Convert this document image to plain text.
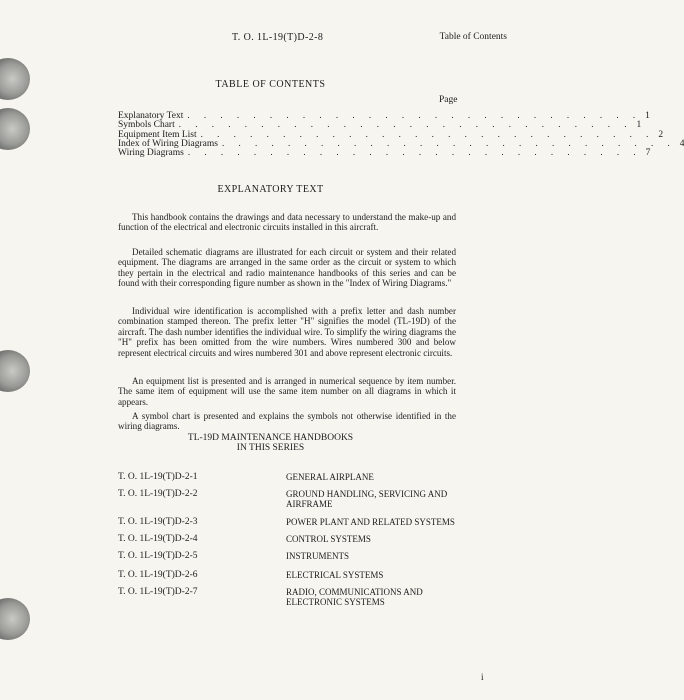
T. O. 1L-19(T)D-2-8	Table of Contents
TABLE OF CONTENTS
Page
Explanatory Text . . . . . . . . . . . . . . . . . . . . . . . . . . . . 1
Symbols Chart . . . . . . . . . . . . . . . . . . . . . . . . . . . . 1
Equipment Item List . . . . . . . . . . . . . . . . . . . . . . . . . . . . 2
Index of Wiring Diagrams . . . . . . . . . . . . . . . . . . . . . . . . . . . . 4
Wiring Diagrams . . . . . . . . . . . . . . . . . . . . . . . . . . . . 7
EXPLANATORY TEXT
This handbook contains the drawings and data necessary to understand the make-up and function of the electrical and electronic circuits installed in this aircraft.
Detailed schematic diagrams are illustrated for each circuit or system and their related equipment. The diagrams are arranged in the same order as the circuit or system to which they pertain in the electrical and radio maintenance handbooks of this series and can be found with their corresponding figure number as shown in the "Index of Wiring Diagrams."
Individual wire identification is accomplished with a prefix letter and dash number combination stamped thereon. The prefix letter "H" signifies the model (TL-19D) of the aircraft. The dash number identifies the individual wire. To simplify the wiring diagrams the "H" prefix has been omitted from the wire numbers. Wires numbered 300 and below represent electrical circuits and wires numbered 301 and above represent electronic circuits.
An equipment list is presented and is arranged in numerical sequence by item number. The same item of equipment will use the same item number on all diagrams in which it appears.
A symbol chart is presented and explains the symbols not otherwise identified in the wiring diagrams.
TL-19D MAINTENANCE HANDBOOKS
IN THIS SERIES
T. O. 1L-19(T)D-2-1	GENERAL AIRPLANE
T. O. 1L-19(T)D-2-2	GROUND HANDLING, SERVICING AND AIRFRAME
T. O. 1L-19(T)D-2-3	POWER PLANT AND RELATED SYSTEMS
T. O. 1L-19(T)D-2-4	CONTROL SYSTEMS
T. O. 1L-19(T)D-2-5	INSTRUMENTS
T. O. 1L-19(T)D-2-6	ELECTRICAL SYSTEMS
T. O. 1L-19(T)D-2-7	RADIO, COMMUNICATIONS AND ELECTRONIC SYSTEMS
i
